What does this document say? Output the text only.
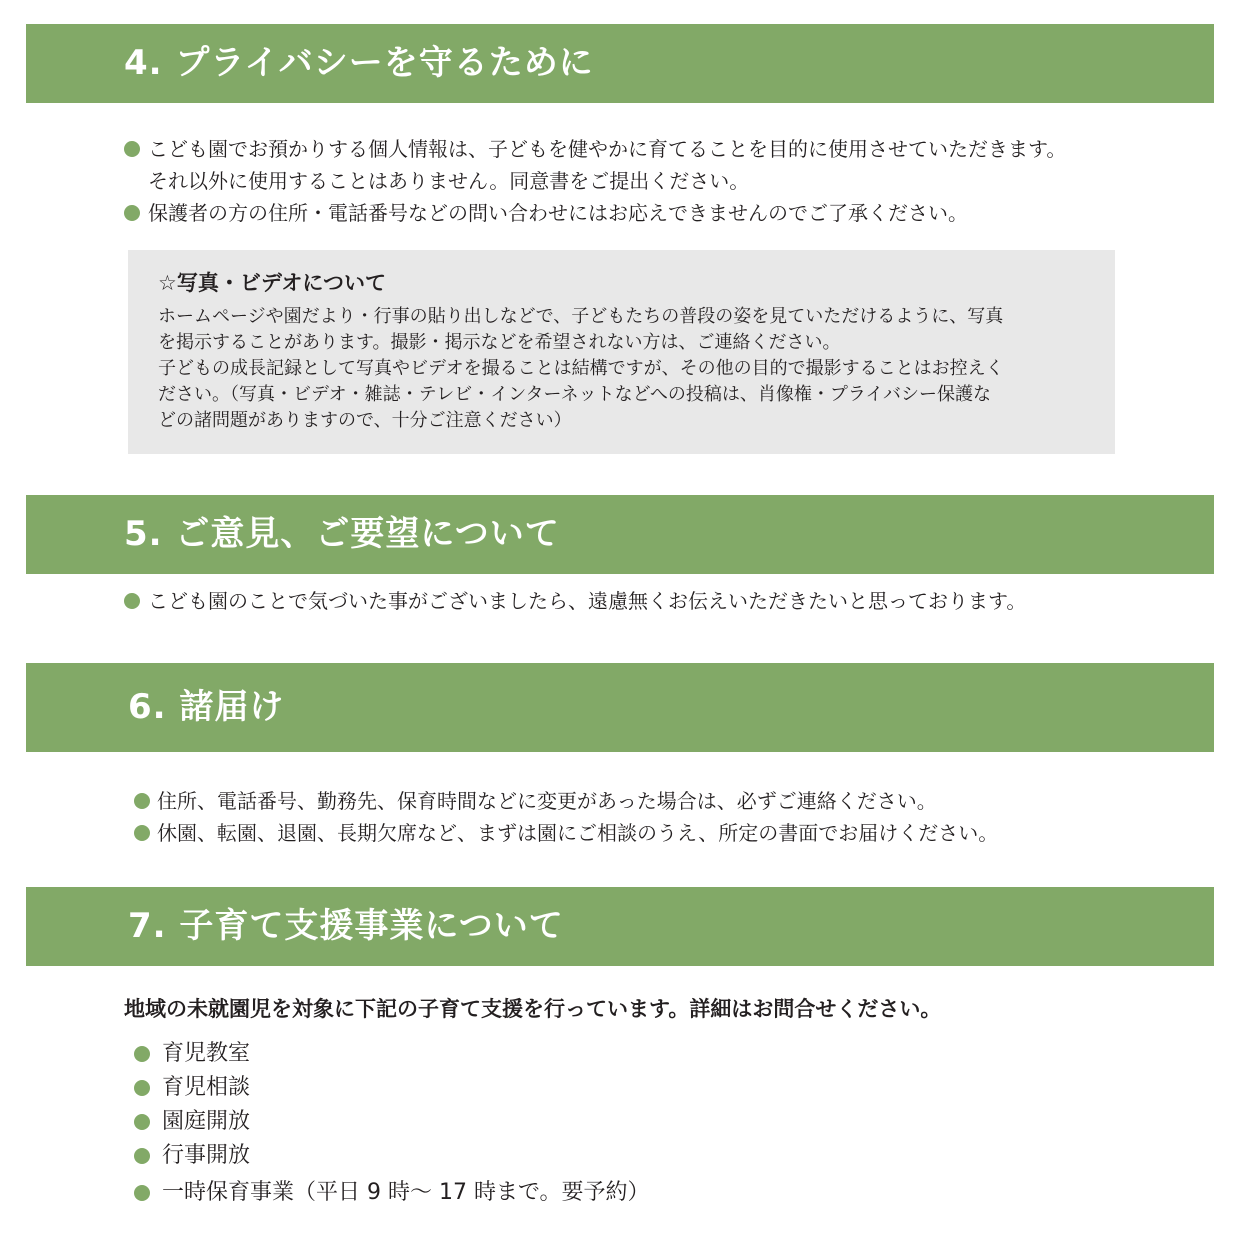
4. プライバシーを守るために
こども園でお預かりする個人情報は、子どもを健やかに育てることを目的に使用させていただきます。
それ以外に使用することはありません。同意書をご提出ください。
保護者の方の住所・電話番号などの問い合わせにはお応えできませんのでご了承ください。
☆写真・ビデオについて
ホームページや園だより・行事の貼り出しなどで、子どもたちの普段の姿を見ていただけるように、写真
を掲示することがあります。撮影・掲示などを希望されない方は、ご連絡ください。
子どもの成長記録として写真やビデオを撮ることは結構ですが、その他の目的で撮影することはお控えく
ださい。（写真・ビデオ・雑誌・テレビ・インターネットなどへの投稿は、肖像権・プライバシー保護な
どの諸問題がありますので、十分ご注意ください）
5. ご意見、ご要望について
こども園のことで気づいた事がございましたら、遠慮無くお伝えいただきたいと思っております。
6. 諸届け
住所、電話番号、勤務先、保育時間などに変更があった場合は、必ずご連絡ください。
休園、転園、退園、長期欠席など、まずは園にご相談のうえ、所定の書面でお届けください。
7. 子育て支援事業について
地域の未就園児を対象に下記の子育て支援を行っています。詳細はお問合せください。
育児教室
育児相談
園庭開放
行事開放
一時保育事業（平日 9 時〜 17 時まで。要予約）
